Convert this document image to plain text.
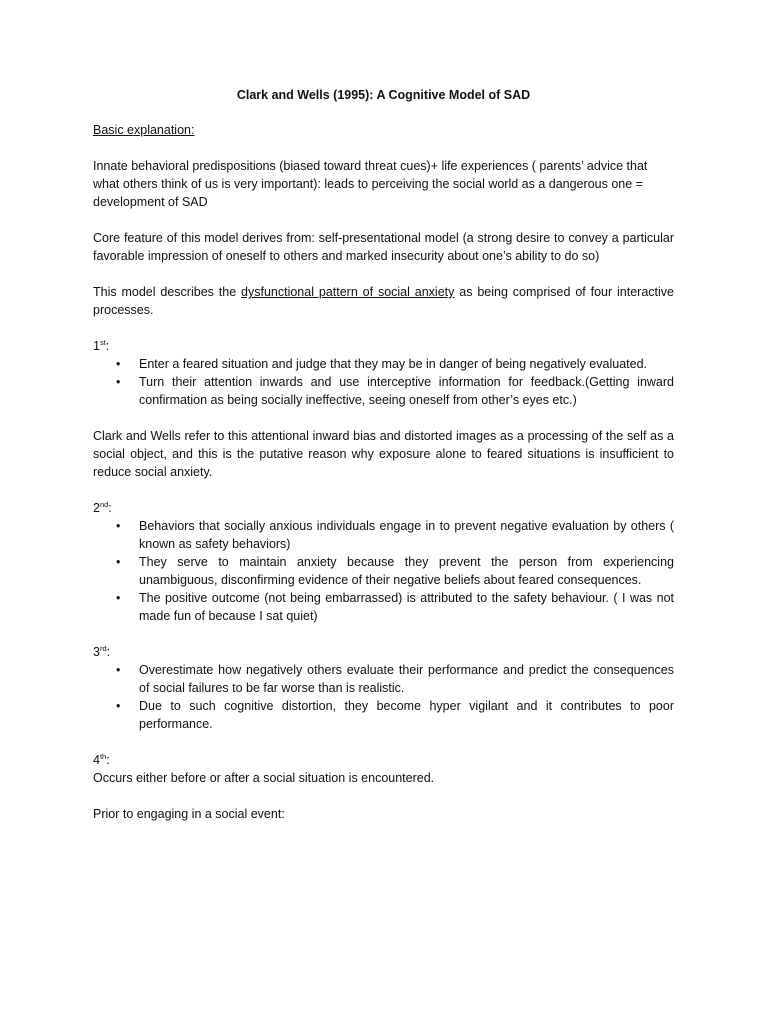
Clark and Wells (1995): A Cognitive Model of SAD

Basic explanation:

Innate behavioral predispositions (biased toward threat cues)+ life experiences ( parents’ advice that what others think of us is very important): leads to perceiving the social world as a dangerous one = development of SAD

Core feature of this model derives from: self-presentational model (a strong desire to convey a particular favorable impression of oneself to others and marked insecurity about one’s ability to do so)

This model describes the dysfunctional pattern of social anxiety as being comprised of four interactive processes.

1st:

• Enter a feared situation and judge that they may be in danger of being negatively evaluated.
• Turn their attention inwards and use interceptive information for feedback.(Getting inward confirmation as being socially ineffective, seeing oneself from other’s eyes etc.)

Clark and Wells refer to this attentional inward bias and distorted images as a processing of the self as a social object, and this is the putative reason why exposure alone to feared situations is insufficient to reduce social anxiety.

2nd:

• Behaviors that socially anxious individuals engage in to prevent negative evaluation by others ( known as safety behaviors)
• They serve to maintain anxiety because they prevent the person from experiencing unambiguous, disconfirming evidence of their negative beliefs about feared consequences.
• The positive outcome (not being embarrassed) is attributed to the safety behaviour. ( I was not made fun of because I sat quiet)

3rd:

• Overestimate how negatively others evaluate their performance and predict the consequences of social failures to be far worse than is realistic.
• Due to such cognitive distortion, they become hyper vigilant and it contributes to poor performance.

4th:

Occurs either before or after a social situation is encountered.

Prior to engaging in a social event:
